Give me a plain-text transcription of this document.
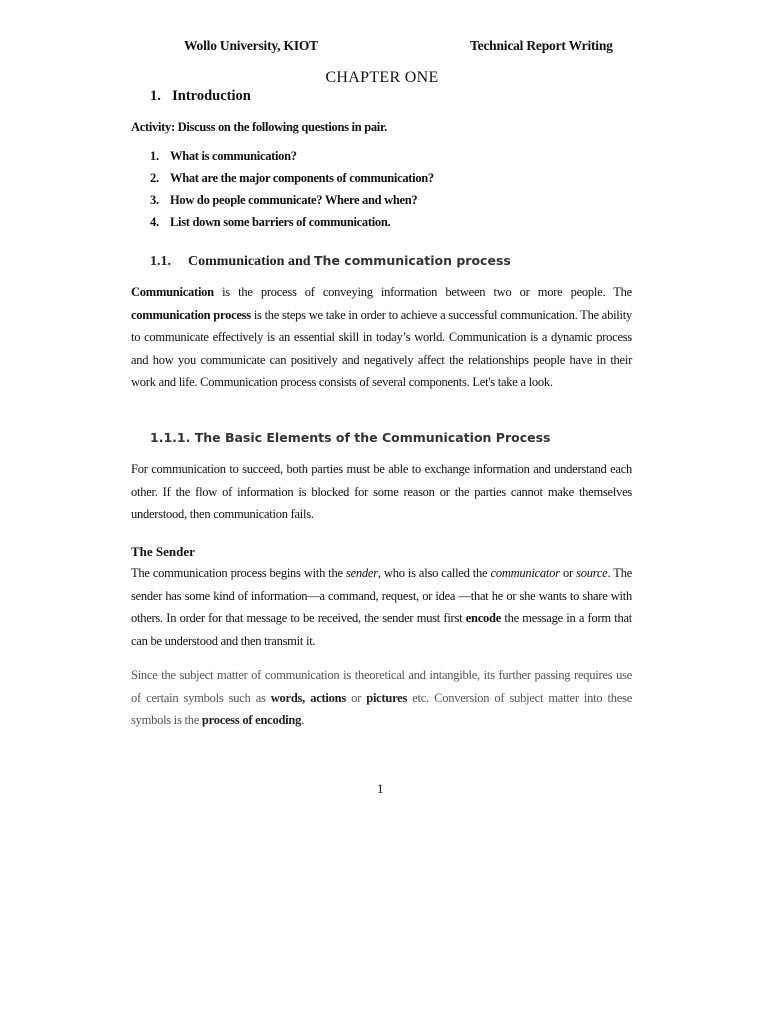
Wollo University, KIOT	Technical Report Writing
CHAPTER ONE
1. Introduction
Activity: Discuss on the following questions in pair.
1. What is communication?
2. What are the major components of communication?
3. How do people communicate? Where and when?
4. List down some barriers of communication.
1.1. Communication and The communication process
Communication is the process of conveying information between two or more people. The communication process is the steps we take in order to achieve a successful communication. The ability to communicate effectively is an essential skill in today’s world. Communication is a dynamic process and how you communicate can positively and negatively affect the relationships people have in their work and life. Communication process consists of several components. Let's take a look.
1.1.1. The Basic Elements of the Communication Process
For communication to succeed, both parties must be able to exchange information and understand each other. If the flow of information is blocked for some reason or the parties cannot make themselves understood, then communication fails.
The Sender
The communication process begins with the sender, who is also called the communicator or source. The sender has some kind of information—a command, request, or idea —that he or she wants to share with others. In order for that message to be received, the sender must first encode the message in a form that can be understood and then transmit it.
Since the subject matter of communication is theoretical and intangible, its further passing requires use of certain symbols such as words, actions or pictures etc. Conversion of subject matter into these symbols is the process of encoding.
1
